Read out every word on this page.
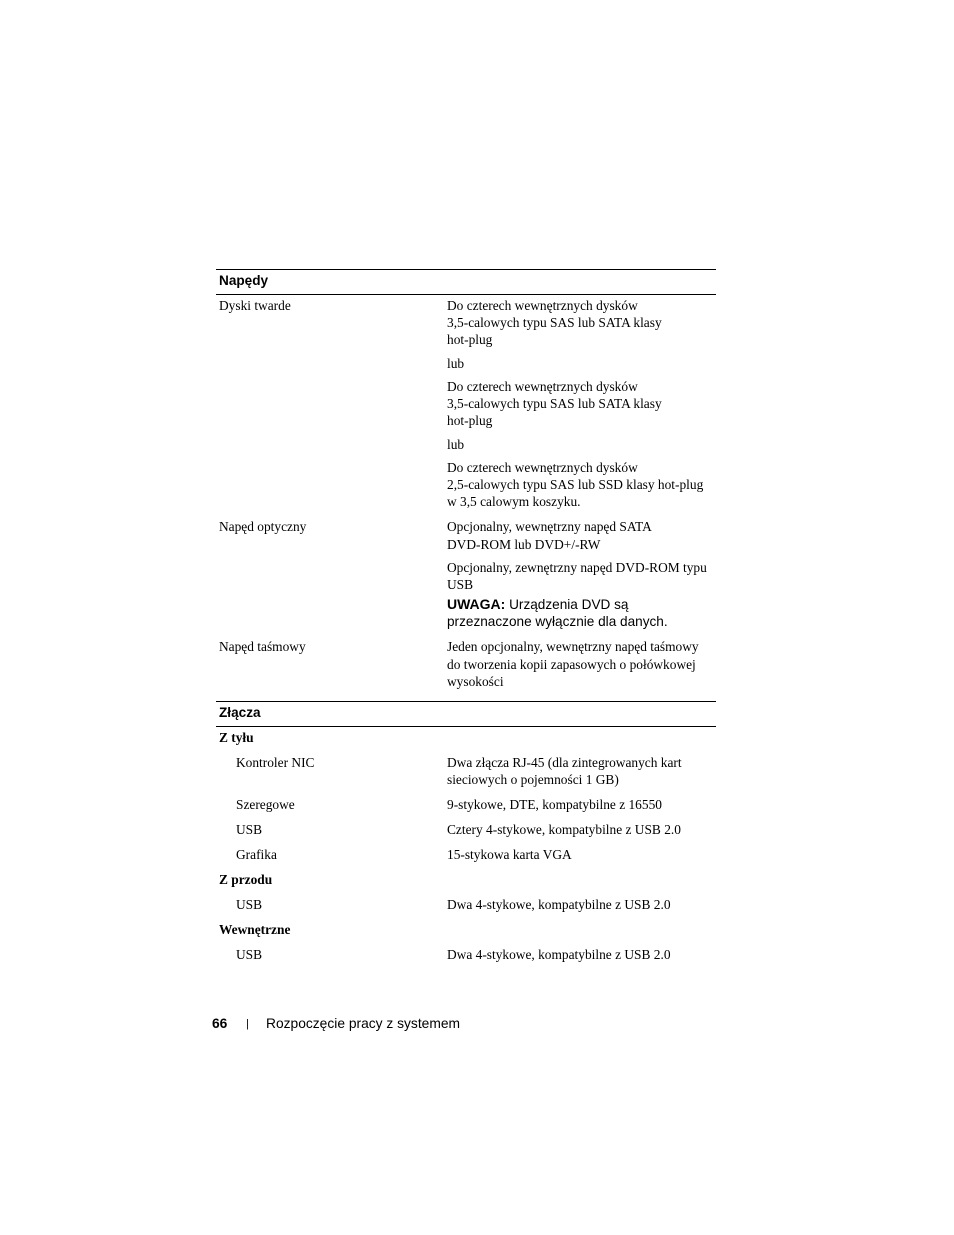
Napędy
Dyski twarde	Do czterech wewnętrznych dysków
3,5-calowych typu SAS lub SATA klasy
hot-plug
lub
Do czterech wewnętrznych dysków
3,5-calowych typu SAS lub SATA klasy
hot-plug
lub
Do czterech wewnętrznych dysków
2,5-calowych typu SAS lub SSD klasy hot-plug
w 3,5 calowym koszyku.
Napęd optyczny	Opcjonalny, wewnętrzny napęd SATA
DVD-ROM lub DVD+/-RW
Opcjonalny, zewnętrzny napęd DVD-ROM typu
USB
UWAGA: Urządzenia DVD są
przeznaczone wyłącznie dla danych.
Napęd taśmowy	Jeden opcjonalny, wewnętrzny napęd taśmowy
do tworzenia kopii zapasowych o połówkowej
wysokości
Złącza
Z tyłu
Kontroler NIC	Dwa złącza RJ-45 (dla zintegrowanych kart
sieciowych o pojemności 1 GB)
Szeregowe	9-stykowe, DTE, kompatybilne z 16550
USB	Cztery 4-stykowe, kompatybilne z USB 2.0
Grafika	15-stykowa karta VGA
Z przodu
USB	Dwa 4-stykowe, kompatybilne z USB 2.0
Wewnętrzne
USB	Dwa 4-stykowe, kompatybilne z USB 2.0
66 | Rozpoczęcie pracy z systemem
